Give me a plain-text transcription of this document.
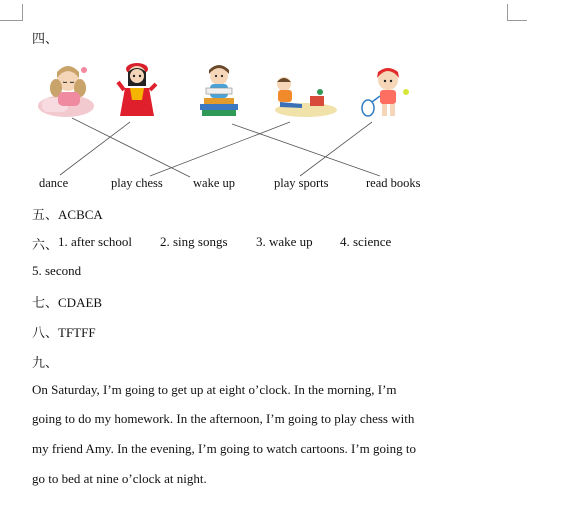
四、
dance	play chess wake up	play sports	read books
五、ACBCA
六、 1. after school 2. sing songs 3. wake up 4. science
5. second
七、CDAEB
八、TFTFF
九、
On Saturday, I’m going to get up at eight o’clock. In the morning, I’m
going to do my homework. In the afternoon, I’m going to play chess with
my friend Amy. In the evening, I’m going to watch cartoons. I’m going to
go to bed at nine o’clock at night.
